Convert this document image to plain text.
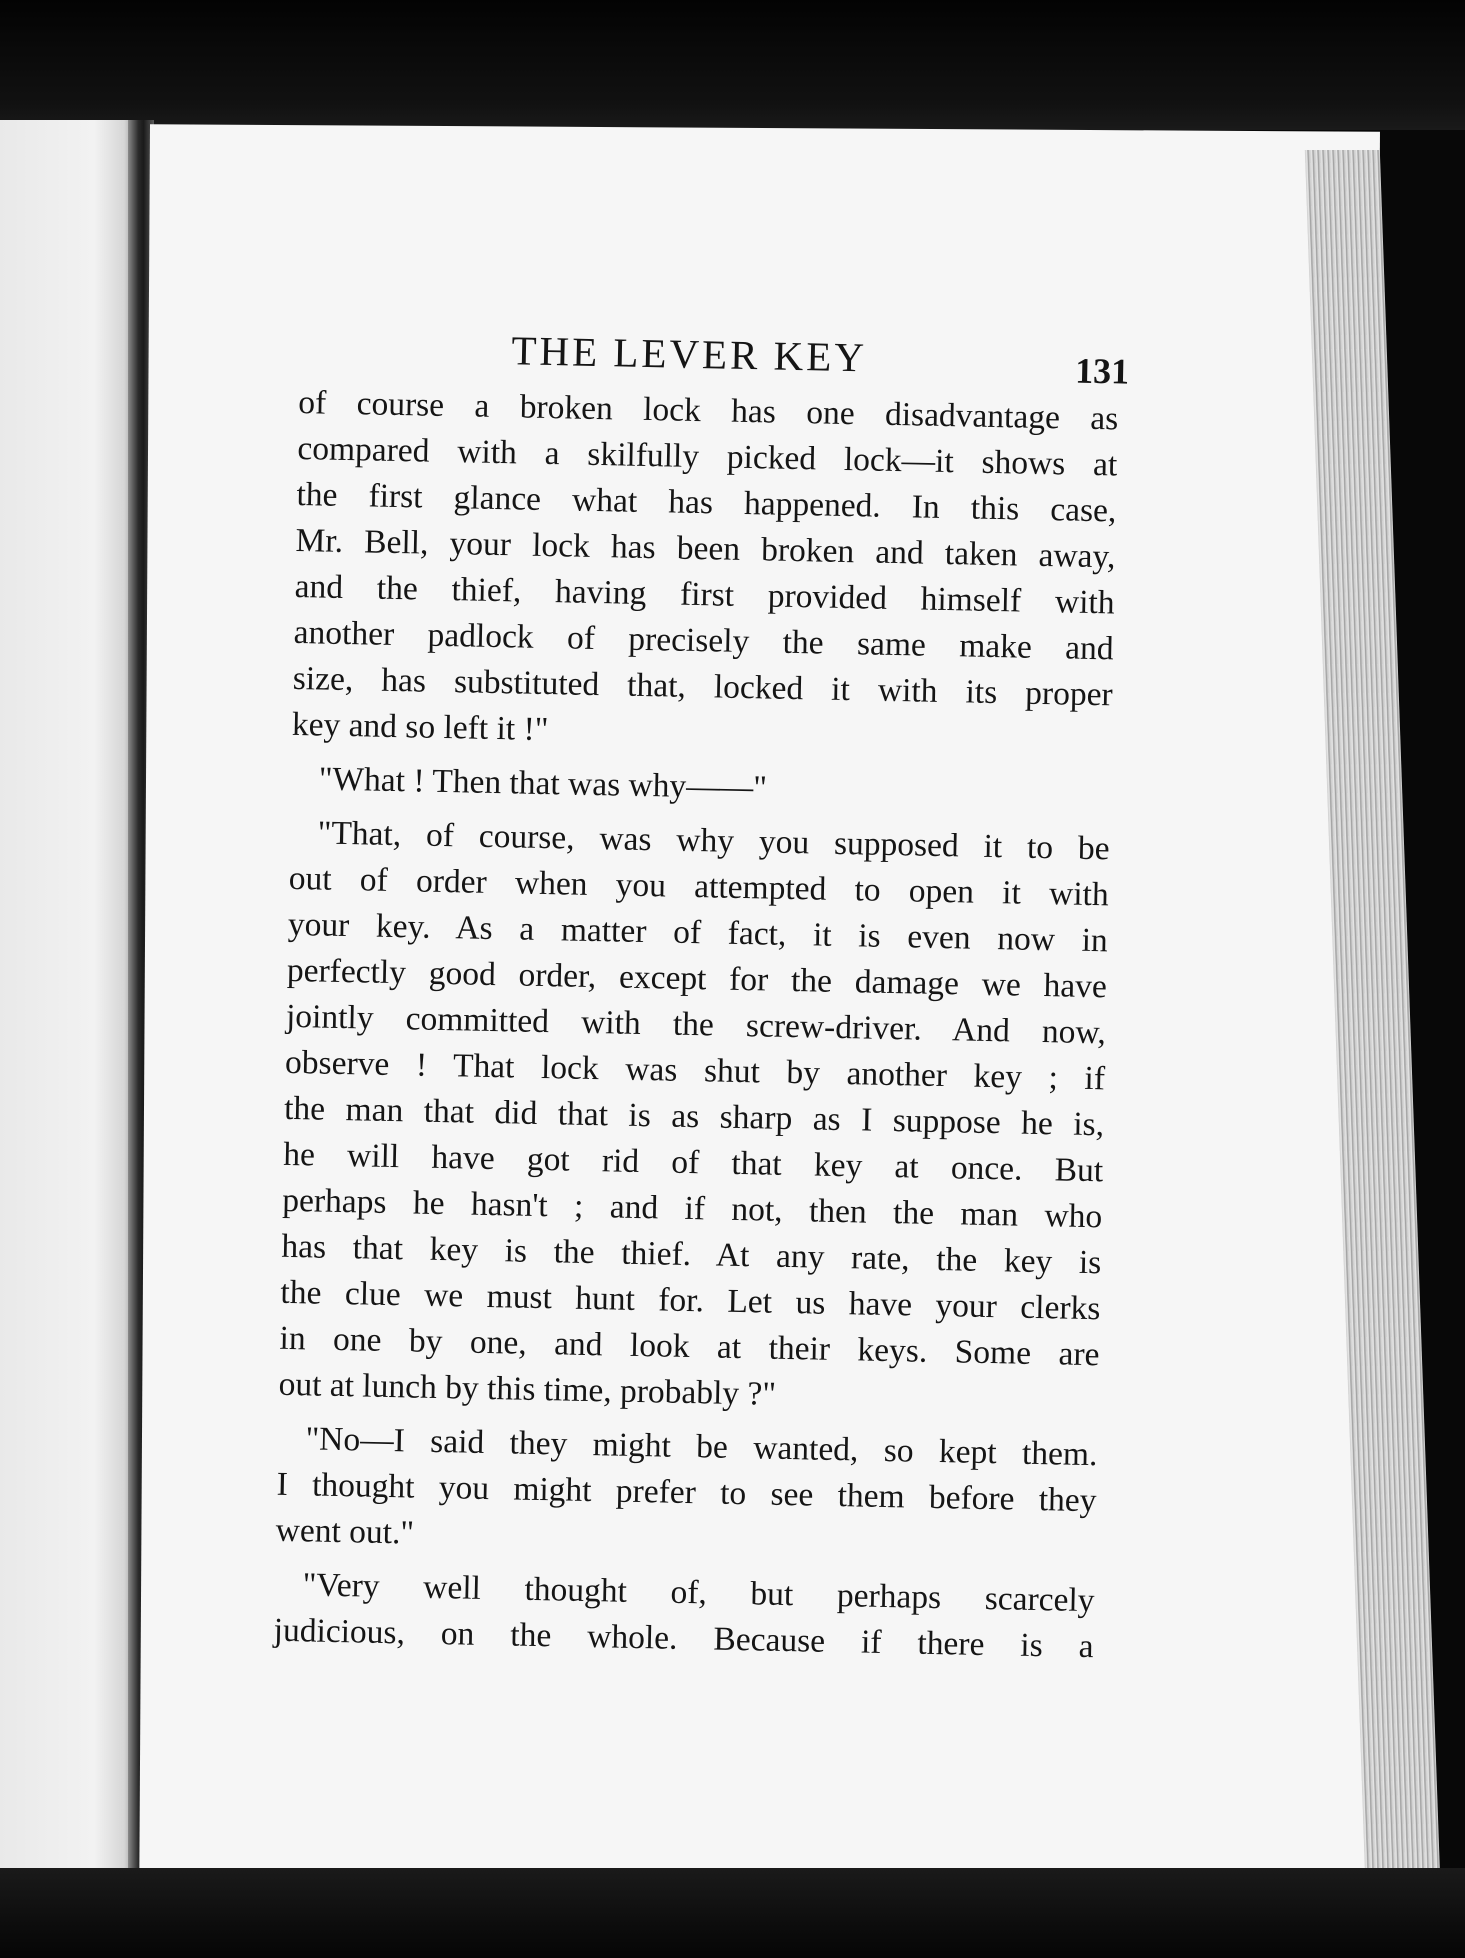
THE LEVER KEY	131
of course a broken lock has one disadvantage as
compared with a skilfully picked lock—it shows at
the first glance what has happened. In this case,
Mr. Bell, your lock has been broken and taken away,
and the thief, having first provided himself with
another padlock of precisely the same make and
size, has substituted that, locked it with its proper
key and so left it !"
"What ! Then that was why——"
"That, of course, was why you supposed it to be
out of order when you attempted to open it with
your key. As a matter of fact, it is even now in
perfectly good order, except for the damage we have
jointly committed with the screw-driver. And now,
observe ! That lock was shut by another key ; if
the man that did that is as sharp as I suppose he is,
he will have got rid of that key at once. But
perhaps he hasn't ; and if not, then the man who
has that key is the thief. At any rate, the key is
the clue we must hunt for. Let us have your clerks
in one by one, and look at their keys. Some are
out at lunch by this time, probably ?"
"No—I said they might be wanted, so kept them.
I thought you might prefer to see them before they
went out."
"Very well thought of, but perhaps scarcely
judicious, on the whole. Because if there is a
